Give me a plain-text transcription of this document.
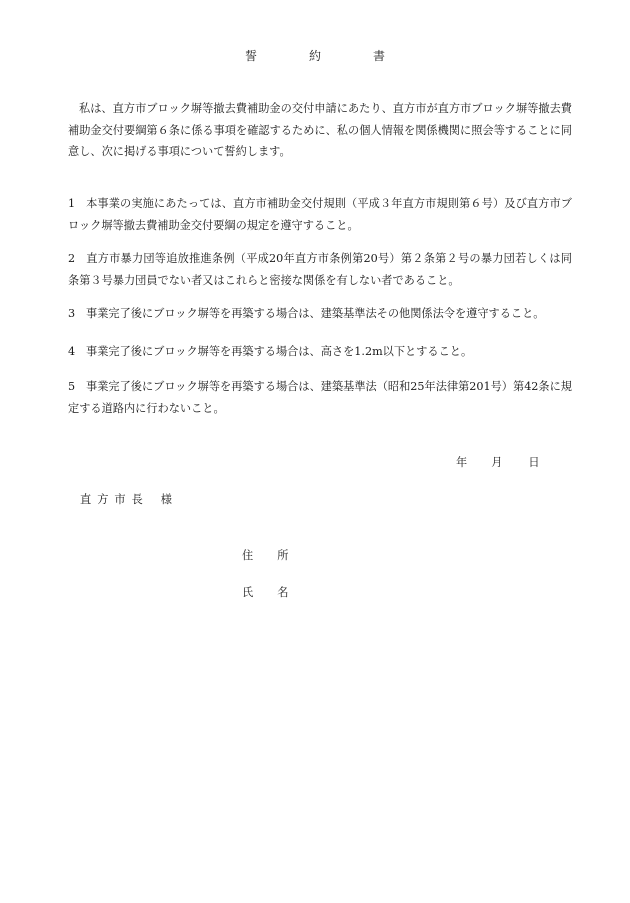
誓　約　書

私は、直方市ブロック塀等撤去費補助金の交付申請にあたり、直方市が直方市ブロック塀等撤去費補助金交付要綱第６条に係る事項を確認するために、私の個人情報を関係機関に照会等することに同意し、次に掲げる事項について誓約します。

1 本事業の実施にあたっては、直方市補助金交付規則（平成３年直方市規則第６号）及び直方市ブロック塀等撤去費補助金交付要綱の規定を遵守すること。

2 直方市暴力団等追放推進条例（平成20年直方市条例第20号）第２条第２号の暴力団若しくは同条第３号暴力団員でない者又はこれらと密接な関係を有しない者であること。

3 事業完了後にブロック塀等を再築する場合は、建築基準法その他関係法令を遵守すること。

4 事業完了後にブロック塀等を再築する場合は、高さを1.2m以下とすること。

5 事業完了後にブロック塀等を再築する場合は、建築基準法（昭和25年法律第201号）第42条に規定する道路内に行わないこと。

年 月 日
直方市長 様
住 所
氏 名
